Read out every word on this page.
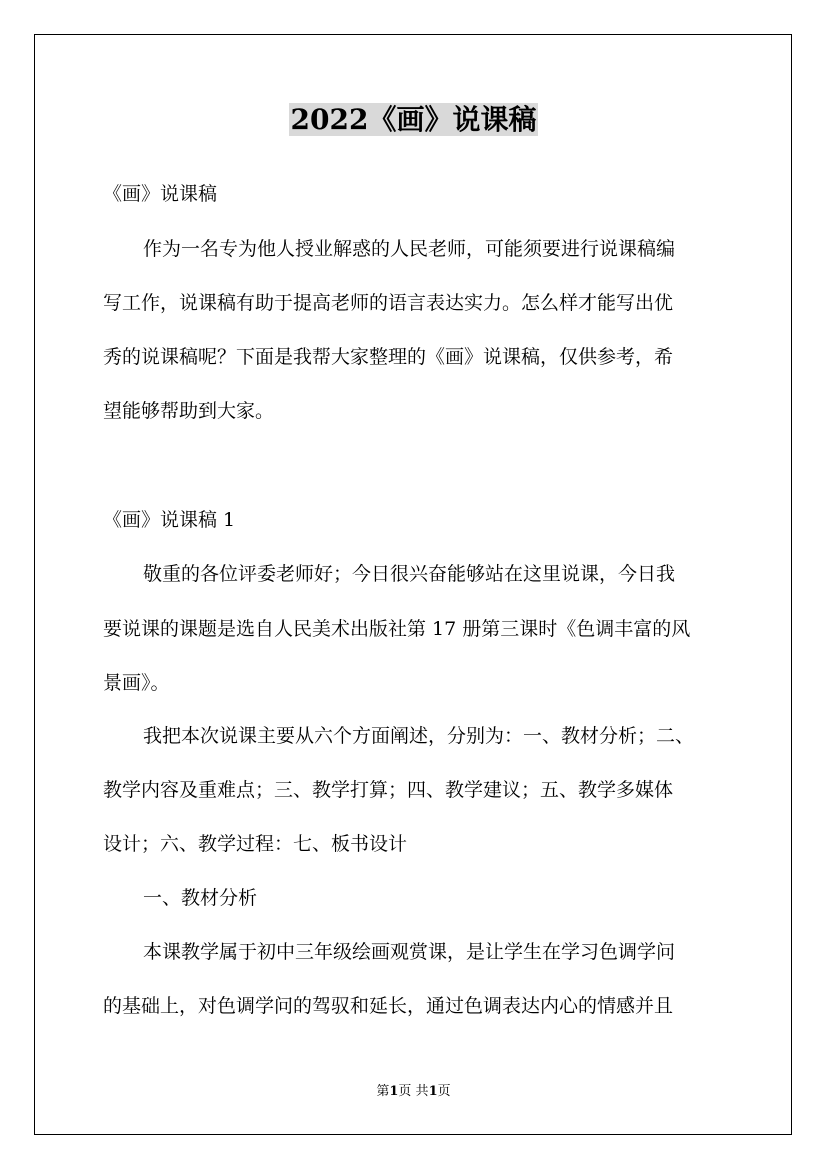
2022《画》说课稿

《画》说课稿

作为一名专为他人授业解惑的人民老师，可能须要进行说课稿编

写工作，说课稿有助于提高老师的语言表达实力。怎么样才能写出优

秀的说课稿呢？下面是我帮大家整理的《画》说课稿，仅供参考，希

望能够帮助到大家。

《画》说课稿 1

敬重的各位评委老师好；今日很兴奋能够站在这里说课，今日我

要说课的课题是选自人民美术出版社第 17 册第三课时《色调丰富的风

景画》。

我把本次说课主要从六个方面阐述，分别为：一、教材分析；二、

教学内容及重难点；三、教学打算；四、教学建议；五、教学多媒体

设计；六、教学过程：七、板书设计

一、教材分析

本课教学属于初中三年级绘画观赏课，是让学生在学习色调学问

的基础上，对色调学问的驾驭和延长，通过色调表达内心的情感并且

第1页 共1页
